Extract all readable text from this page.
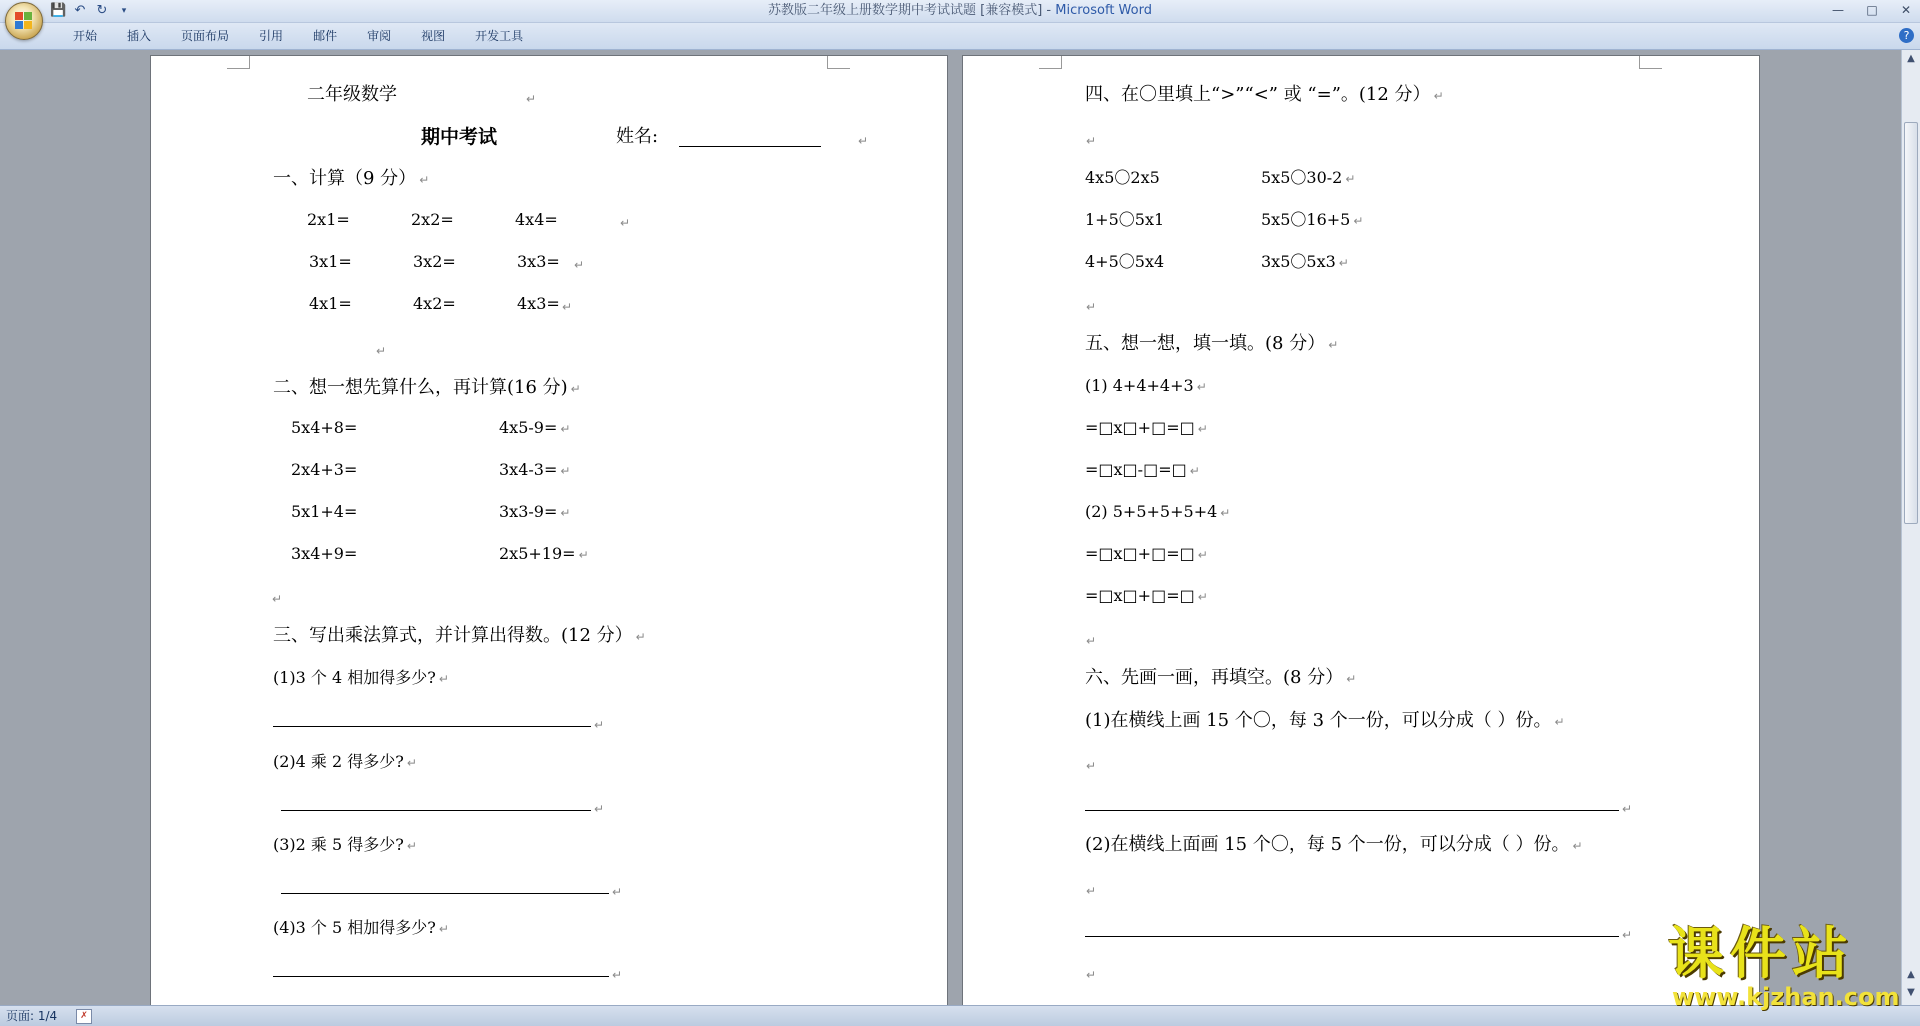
苏教版二年级上册数学期中考试试题 [兼容模式] - Microsoft Word
💾 ↶ ↻	▾	— □ ✕
开始	插入	页面布局	引用	邮件	审阅	视图	开发工具	?
二年级数学	↵
期中考试	姓名:	↵
一、计算（9 分） ↵
2x1=	2x2=	4x4=	↵
3x1=	3x2=	3x3= ↵
4x1=	4x2=	4x3= ↵
↵
二、想一想先算什么，再计算(16 分) ↵
5x4+8=	4x5-9= ↵
2x4+3=	3x4-3= ↵
5x1+4=	3x3-9= ↵
3x4+9=	2x5+19= ↵
↵
三、写出乘法算式，并计算出得数。(12 分） ↵
(1)3 个 4 相加得多少? ↵
↵
(2)4 乘 2 得多少? ↵
↵
(3)2 乘 5 得多少? ↵
↵
(4)3 个 5 相加得多少? ↵
↵
四、在〇里填上“>”“<” 或 “=”。(12 分） ↵
↵
4x5〇2x5	5x5〇30-2 ↵
1+5〇5x1	5x5〇16+5 ↵
4+5〇5x4	3x5〇5x3 ↵
↵
五、想一想，填一填。(8 分） ↵
(1) 4+4+4+3 ↵
=□x□+□=□ ↵
=□x□-□=□ ↵
(2) 5+5+5+5+4 ↵
=□x□+□=□ ↵
=□x□+□=□ ↵
↵
六、先画一画，再填空。(8 分） ↵
(1)在横线上画 15 个〇，每 3 个一份，可以分成（ ）份。 ↵
↵
↵
(2)在横线上面画 15 个〇，每 5 个一份，可以分成（ ）份。 ↵
↵
↵
↵
▲
▲
▼
页面: 1/4	✗
课件站
www.kjzhan.com
